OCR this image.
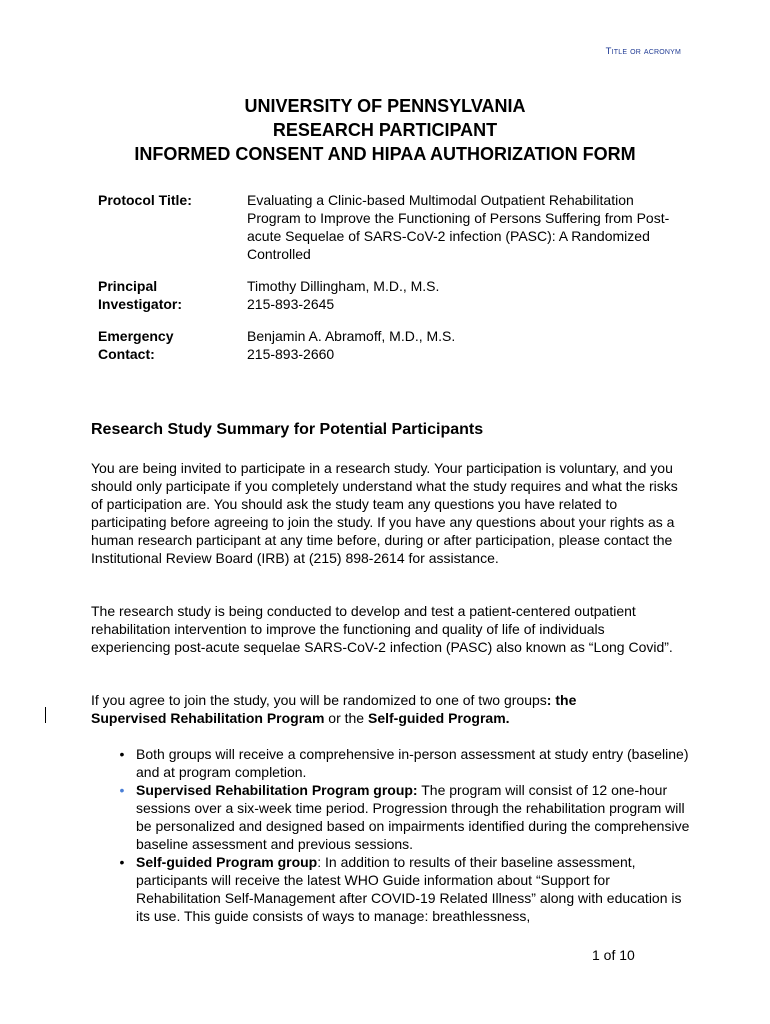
Title or acronym
UNIVERSITY OF PENNSYLVANIA
RESEARCH PARTICIPANT
INFORMED CONSENT AND HIPAA AUTHORIZATION FORM
Protocol Title:	Evaluating a Clinic-based Multimodal Outpatient Rehabilitation Program to Improve the Functioning of Persons Suffering from Post-acute Sequelae of SARS-CoV-2 infection (PASC): A Randomized Controlled
Principal
Investigator:
Timothy Dillingham, M.D., M.S.
215-893-2645
Emergency
Contact:
Benjamin A. Abramoff, M.D., M.S.
215-893-2660
Research Study Summary for Potential Participants
You are being invited to participate in a research study. Your participation is voluntary, and you should only participate if you completely understand what the study requires and what the risks of participation are. You should ask the study team any questions you have related to participating before agreeing to join the study. If you have any questions about your rights as a human research participant at any time before, during or after participation, please contact the Institutional Review Board (IRB) at (215) 898-2614 for assistance.
The research study is being conducted to develop and test a patient-centered outpatient rehabilitation intervention to improve the functioning and quality of life of individuals experiencing post-acute sequelae SARS-CoV-2 infection (PASC) also known as “Long Covid”.
If you agree to join the study, you will be randomized to one of two groups: the
Supervised Rehabilitation Program or the Self-guided Program.
• Both groups will receive a comprehensive in-person assessment at study entry (baseline) and at program completion.
• Supervised Rehabilitation Program group: The program will consist of 12 one-hour sessions over a six-week time period. Progression through the rehabilitation program will be personalized and designed based on impairments identified during the comprehensive baseline assessment and previous sessions.
• Self-guided Program group: In addition to results of their baseline assessment, participants will receive the latest WHO Guide information about “Support for Rehabilitation Self-Management after COVID-19 Related Illness” along with education is its use. This guide consists of ways to manage: breathlessness,
1 of 10
